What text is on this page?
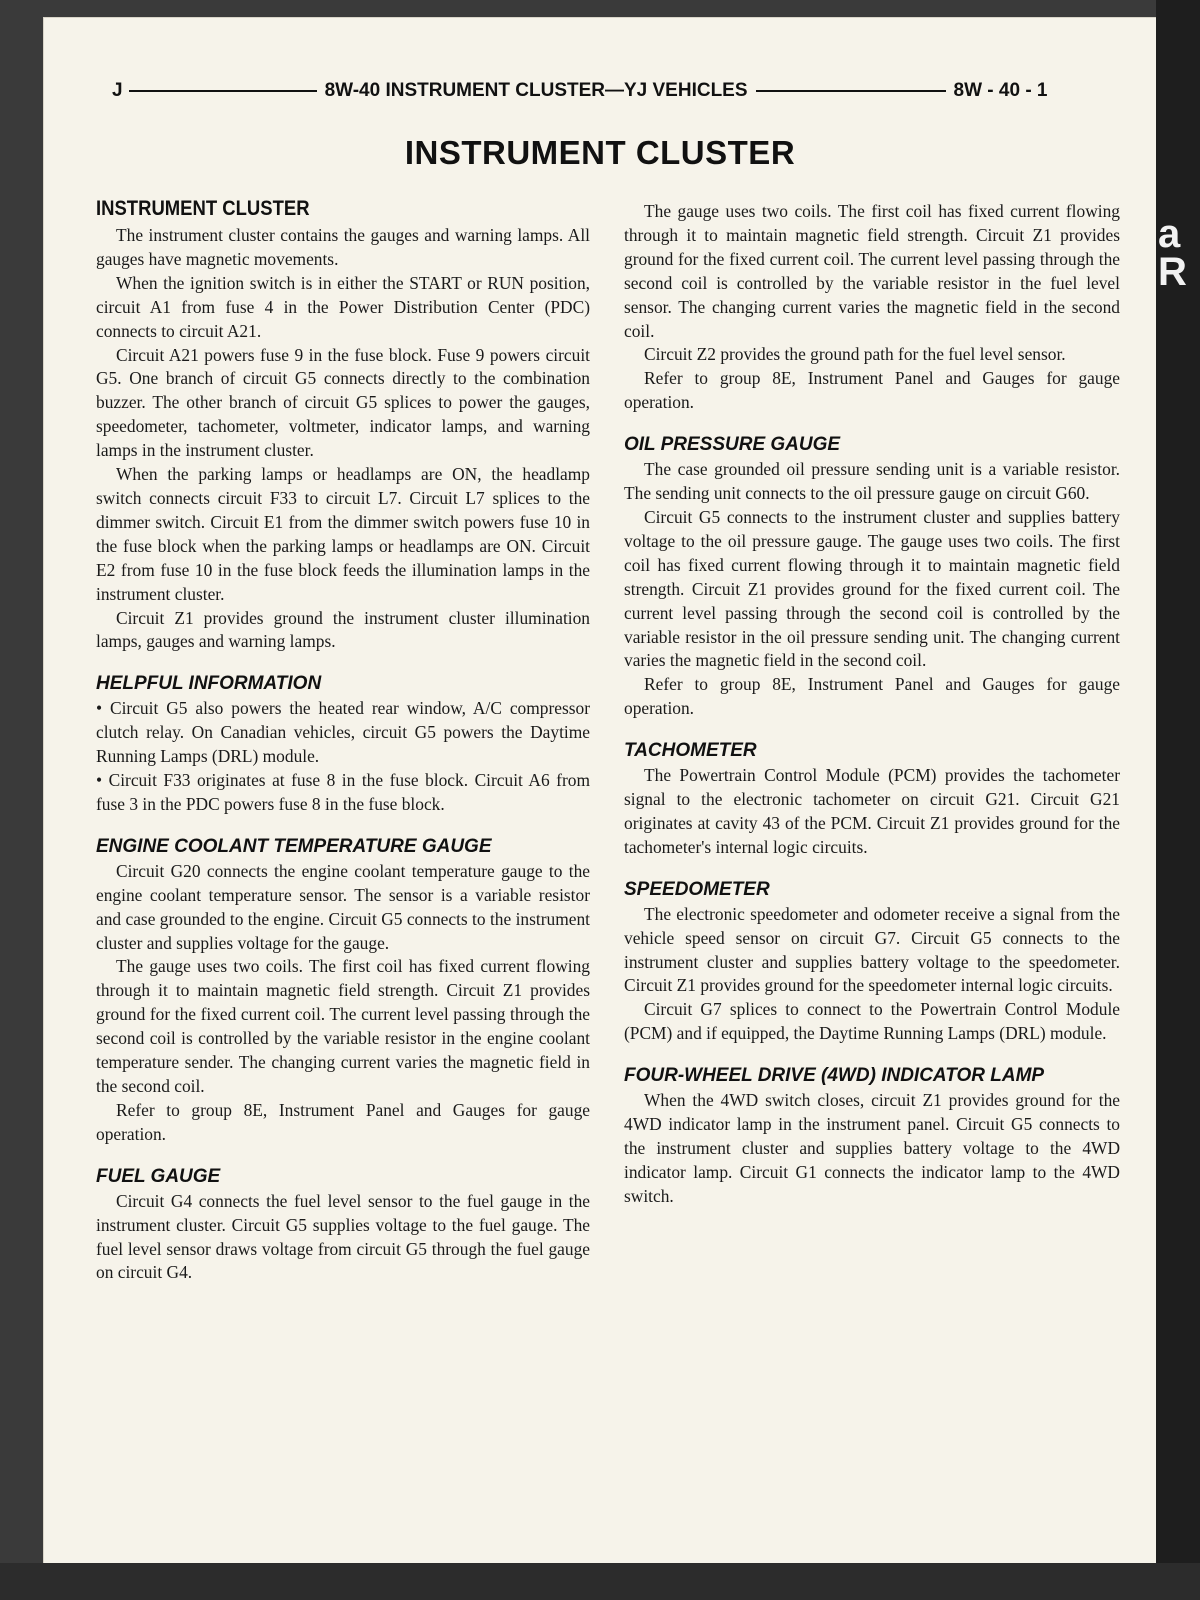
a
R
J	8W-40 INSTRUMENT CLUSTER—YJ VEHICLES	8W - 40 - 1
INSTRUMENT CLUSTER
INSTRUMENT CLUSTER

The instrument cluster contains the gauges and warning lamps. All gauges have magnetic movements.

When the ignition switch is in either the START or RUN position, circuit A1 from fuse 4 in the Power Distribution Center (PDC) connects to circuit A21.

Circuit A21 powers fuse 9 in the fuse block. Fuse 9 powers circuit G5. One branch of circuit G5 connects directly to the combination buzzer. The other branch of circuit G5 splices to power the gauges, speedometer, tachometer, voltmeter, indicator lamps, and warning lamps in the instrument cluster.

When the parking lamps or headlamps are ON, the headlamp switch connects circuit F33 to circuit L7. Circuit L7 splices to the dimmer switch. Circuit E1 from the dimmer switch powers fuse 10 in the fuse block when the parking lamps or headlamps are ON. Circuit E2 from fuse 10 in the fuse block feeds the illumination lamps in the instrument cluster.

Circuit Z1 provides ground the instrument cluster illumination lamps, gauges and warning lamps.

HELPFUL INFORMATION

• Circuit G5 also powers the heated rear window, A/C compressor clutch relay. On Canadian vehicles, circuit G5 powers the Daytime Running Lamps (DRL) module.

• Circuit F33 originates at fuse 8 in the fuse block. Circuit A6 from fuse 3 in the PDC powers fuse 8 in the fuse block.

ENGINE COOLANT TEMPERATURE GAUGE

Circuit G20 connects the engine coolant temperature gauge to the engine coolant temperature sensor. The sensor is a variable resistor and case grounded to the engine. Circuit G5 connects to the instrument cluster and supplies voltage for the gauge.

The gauge uses two coils. The first coil has fixed current flowing through it to maintain magnetic field strength. Circuit Z1 provides ground for the fixed current coil. The current level passing through the second coil is controlled by the variable resistor in the engine coolant temperature sender. The changing current varies the magnetic field in the second coil.

Refer to group 8E, Instrument Panel and Gauges for gauge operation.

FUEL GAUGE

Circuit G4 connects the fuel level sensor to the fuel gauge in the instrument cluster. Circuit G5 supplies voltage to the fuel gauge. The fuel level sensor draws voltage from circuit G5 through the fuel gauge on circuit G4.

The gauge uses two coils. The first coil has fixed current flowing through it to maintain magnetic field strength. Circuit Z1 provides ground for the fixed current coil. The current level passing through the second coil is controlled by the variable resistor in the fuel level sensor. The changing current varies the magnetic field in the second coil.

Circuit Z2 provides the ground path for the fuel level sensor.

Refer to group 8E, Instrument Panel and Gauges for gauge operation.

OIL PRESSURE GAUGE

The case grounded oil pressure sending unit is a variable resistor. The sending unit connects to the oil pressure gauge on circuit G60.

Circuit G5 connects to the instrument cluster and supplies battery voltage to the oil pressure gauge. The gauge uses two coils. The first coil has fixed current flowing through it to maintain magnetic field strength. Circuit Z1 provides ground for the fixed current coil. The current level passing through the second coil is controlled by the variable resistor in the oil pressure sending unit. The changing current varies the magnetic field in the second coil.

Refer to group 8E, Instrument Panel and Gauges for gauge operation.

TACHOMETER

The Powertrain Control Module (PCM) provides the tachometer signal to the electronic tachometer on circuit G21. Circuit G21 originates at cavity 43 of the PCM. Circuit Z1 provides ground for the tachometer's internal logic circuits.

SPEEDOMETER

The electronic speedometer and odometer receive a signal from the vehicle speed sensor on circuit G7. Circuit G5 connects to the instrument cluster and supplies battery voltage to the speedometer. Circuit Z1 provides ground for the speedometer internal logic circuits.

Circuit G7 splices to connect to the Powertrain Control Module (PCM) and if equipped, the Daytime Running Lamps (DRL) module.

FOUR-WHEEL DRIVE (4WD) INDICATOR LAMP

When the 4WD switch closes, circuit Z1 provides ground for the 4WD indicator lamp in the instrument panel. Circuit G5 connects to the instrument cluster and supplies battery voltage to the 4WD indicator lamp. Circuit G1 connects the indicator lamp to the 4WD switch.
